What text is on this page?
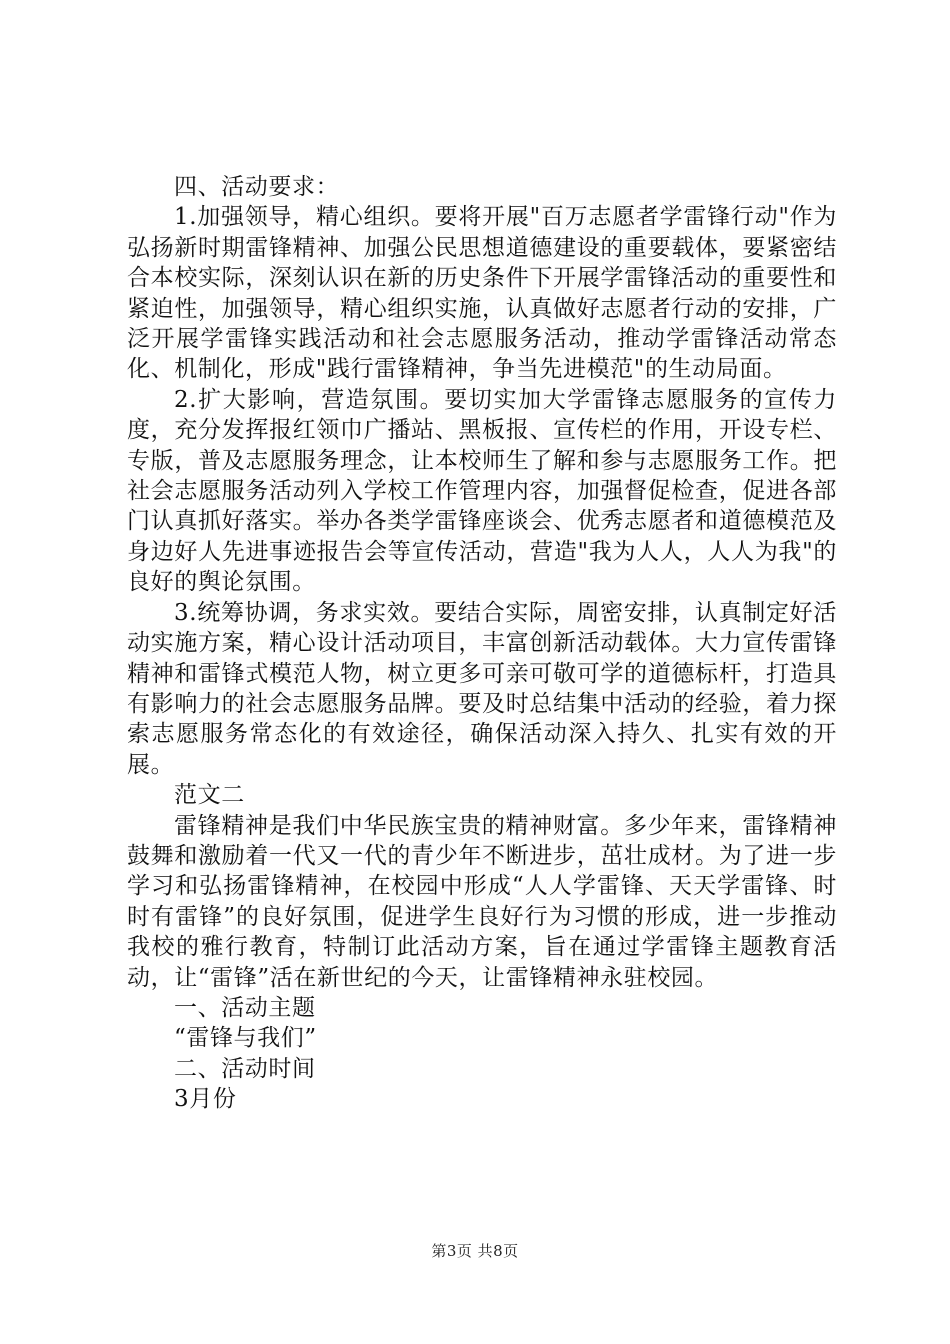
四、活动要求：

1.加强领导，精心组织。要将开展"百万志愿者学雷锋行动"作为弘扬新时期雷锋精神、加强公民思想道德建设的重要载体，要紧密结合本校实际，深刻认识在新的历史条件下开展学雷锋活动的重要性和紧迫性，加强领导，精心组织实施，认真做好志愿者行动的安排，广泛开展学雷锋实践活动和社会志愿服务活动，推动学雷锋活动常态化、机制化，形成"践行雷锋精神，争当先进模范"的生动局面。

2.扩大影响，营造氛围。要切实加大学雷锋志愿服务的宣传力度，充分发挥报红领巾广播站、黑板报、宣传栏的作用，开设专栏、专版，普及志愿服务理念，让本校师生了解和参与志愿服务工作。把社会志愿服务活动列入学校工作管理内容，加强督促检查，促进各部门认真抓好落实。举办各类学雷锋座谈会、优秀志愿者和道德模范及身边好人先进事迹报告会等宣传活动，营造"我为人人，人人为我"的良好的舆论氛围。

3.统筹协调，务求实效。要结合实际，周密安排，认真制定好活动实施方案，精心设计活动项目，丰富创新活动载体。大力宣传雷锋精神和雷锋式模范人物，树立更多可亲可敬可学的道德标杆，打造具有影响力的社会志愿服务品牌。要及时总结集中活动的经验，着力探索志愿服务常态化的有效途径，确保活动深入持久、扎实有效的开展。

范文二

雷锋精神是我们中华民族宝贵的精神财富。多少年来，雷锋精神鼓舞和激励着一代又一代的青少年不断进步，茁壮成材。为了进一步学习和弘扬雷锋精神，在校园中形成“人人学雷锋、天天学雷锋、时时有雷锋”的良好氛围，促进学生良好行为习惯的形成，进一步推动我校的雅行教育，特制订此活动方案，旨在通过学雷锋主题教育活动，让“雷锋”活在新世纪的今天，让雷锋精神永驻校园。

一、活动主题

“雷锋与我们”

二、活动时间

3月份

第3页 共8页
